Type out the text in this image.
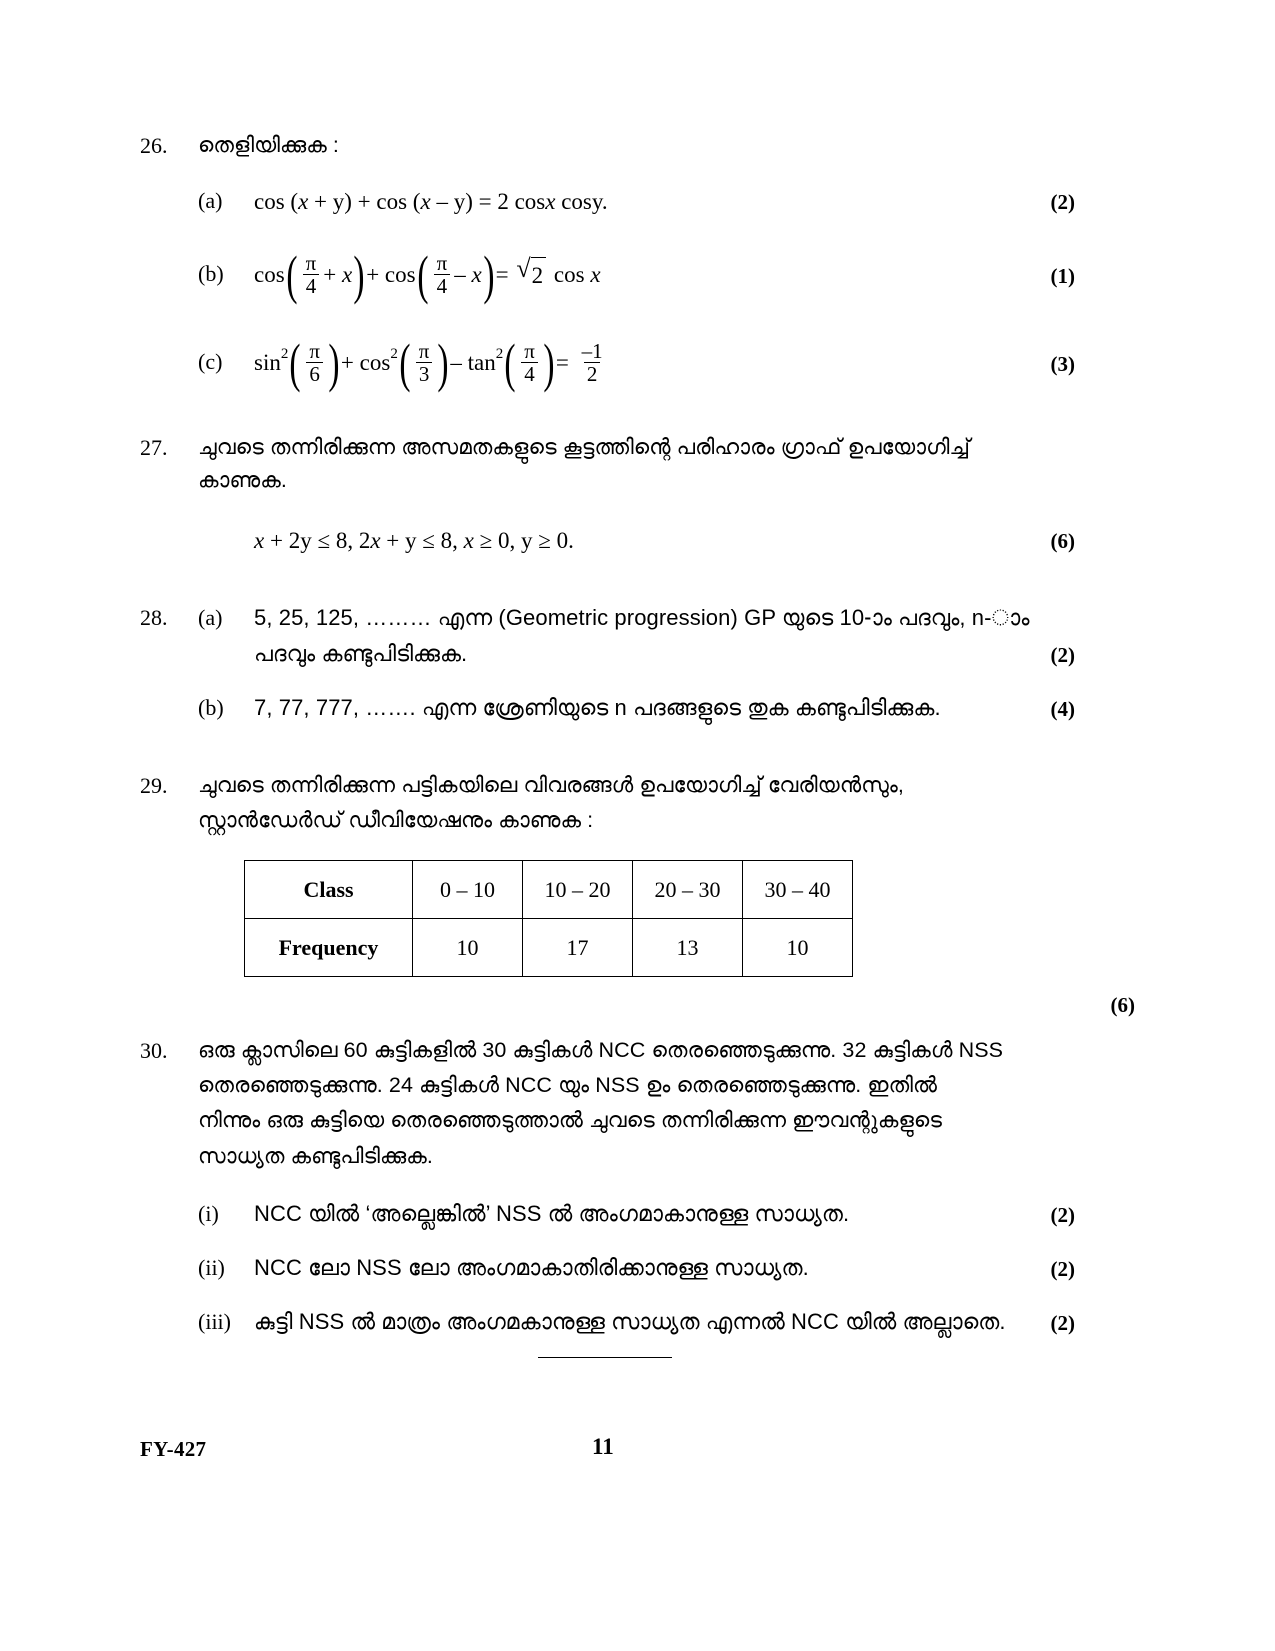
26.	തെളിയിക്കുക :
(a)	cos ( x + y) + cos ( x – y) = 2 cos x cosy.	(2)
(b)	cos ( $\frac{\pi}{4} + x$ ) + cos ( $\frac{\pi}{4}$ – x ) = √ 2 cos x	(1)
(c)	sin 2 ( $\frac{\pi}{6}$ ) + cos 2 ( $\frac{\pi}{3}$ ) – tan 2 ( $\frac{\pi}{4}$ ) = $\frac{-1}{2}$	(3)
27.	ചുവടെ തന്നിരിക്കുന്ന അസമതകളുടെ കൂട്ടത്തിന്റെ പരിഹാരം ഗ്രാഫ് ഉപയോഗിച്ച്
കാണുക.
x + 2y ≤ 8, 2 x + y ≤ 8, x ≥ 0, y ≥ 0.	(6)
28.	(a)	5, 25, 125, ……… എന്ന (Geometric progression) GP യുടെ 10-ാം പദവും, n-ാം
പദവും കണ്ടുപിടിക്കുക.	(2)
(b)	7, 77, 777, ……. എന്ന ശ്രേണിയുടെ n പദങ്ങളുടെ തുക കണ്ടുപിടിക്കുക.	(4)
29.	ചുവടെ തന്നിരിക്കുന്ന പട്ടികയിലെ വിവരങ്ങൾ ഉപയോഗിച്ച് വേരിയൻസും,
സ്റ്റാൻഡേർഡ് ഡീവിയേഷനും കാണുക :
Class	0 – 10	10 – 20	20 – 30	30 – 40
Frequency	10	17	13	10
(6)
30.	ഒരു ക്ലാസിലെ 60 കുട്ടികളിൽ 30 കുട്ടികൾ NCC തെരഞ്ഞെടുക്കുന്നു. 32 കുട്ടികൾ NSS
തെരഞ്ഞെടുക്കുന്നു. 24 കുട്ടികൾ NCC യും NSS ഉം തെരഞ്ഞെടുക്കുന്നു. ഇതിൽ
നിന്നും ഒരു കുട്ടിയെ തെരഞ്ഞെടുത്താൽ ചുവടെ തന്നിരിക്കുന്ന ഈവന്റുകളുടെ
സാധ്യത കണ്ടുപിടിക്കുക.
(i)	NCC യിൽ ‘അല്ലെങ്കിൽ’ NSS ൽ അംഗമാകാനുള്ള സാധ്യത.	(2)
(ii)	NCC ലോ NSS ലോ അംഗമാകാതിരിക്കാനുള്ള സാധ്യത.	(2)
(iii)	കുട്ടി NSS ൽ മാത്രം അംഗമകാനുള്ള സാധ്യത എന്നൽ NCC യിൽ അല്ലാതെ.	(2)
FY-427	11
